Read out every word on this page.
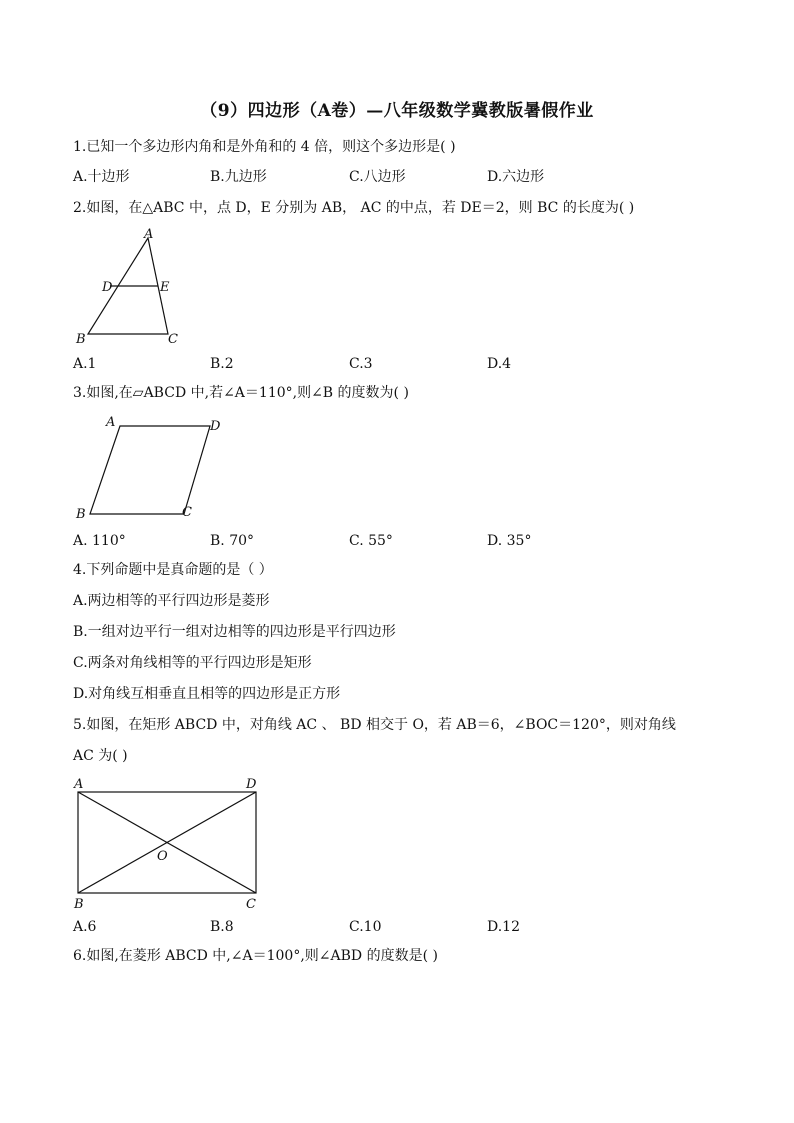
（9）四边形（A卷）—八年级数学冀教版暑假作业
1.已知一个多边形内角和是外角和的 4 倍，则这个多边形是( )
A.十边形	B.九边形	C.八边形	D.六边形
2.如图，在△ABC 中，点 D，E 分别为 AB， AC 的中点，若 DE＝2，则 BC 的长度为( )
A
D	E
B	C
A.1	B.2	C.3	D.4
3.如图,在▱ABCD 中,若∠A＝110°,则∠B 的度数为( )
A	D
B	C
A. 110°	B. 70°	C. 55°	D. 35°
4.下列命题中是真命题的是（ ）
A.两边相等的平行四边形是菱形
B.一组对边平行一组对边相等的四边形是平行四边形
C.两条对角线相等的平行四边形是矩形
D.对角线互相垂直且相等的四边形是正方形
5.如图，在矩形 ABCD 中，对角线 AC 、 BD 相交于 O，若 AB＝6，∠BOC＝120°，则对角线
AC 为( )
A	D
O
B	C
A.6	B.8	C.10	D.12
6.如图,在菱形 ABCD 中,∠A＝100°,则∠ABD 的度数是( )
